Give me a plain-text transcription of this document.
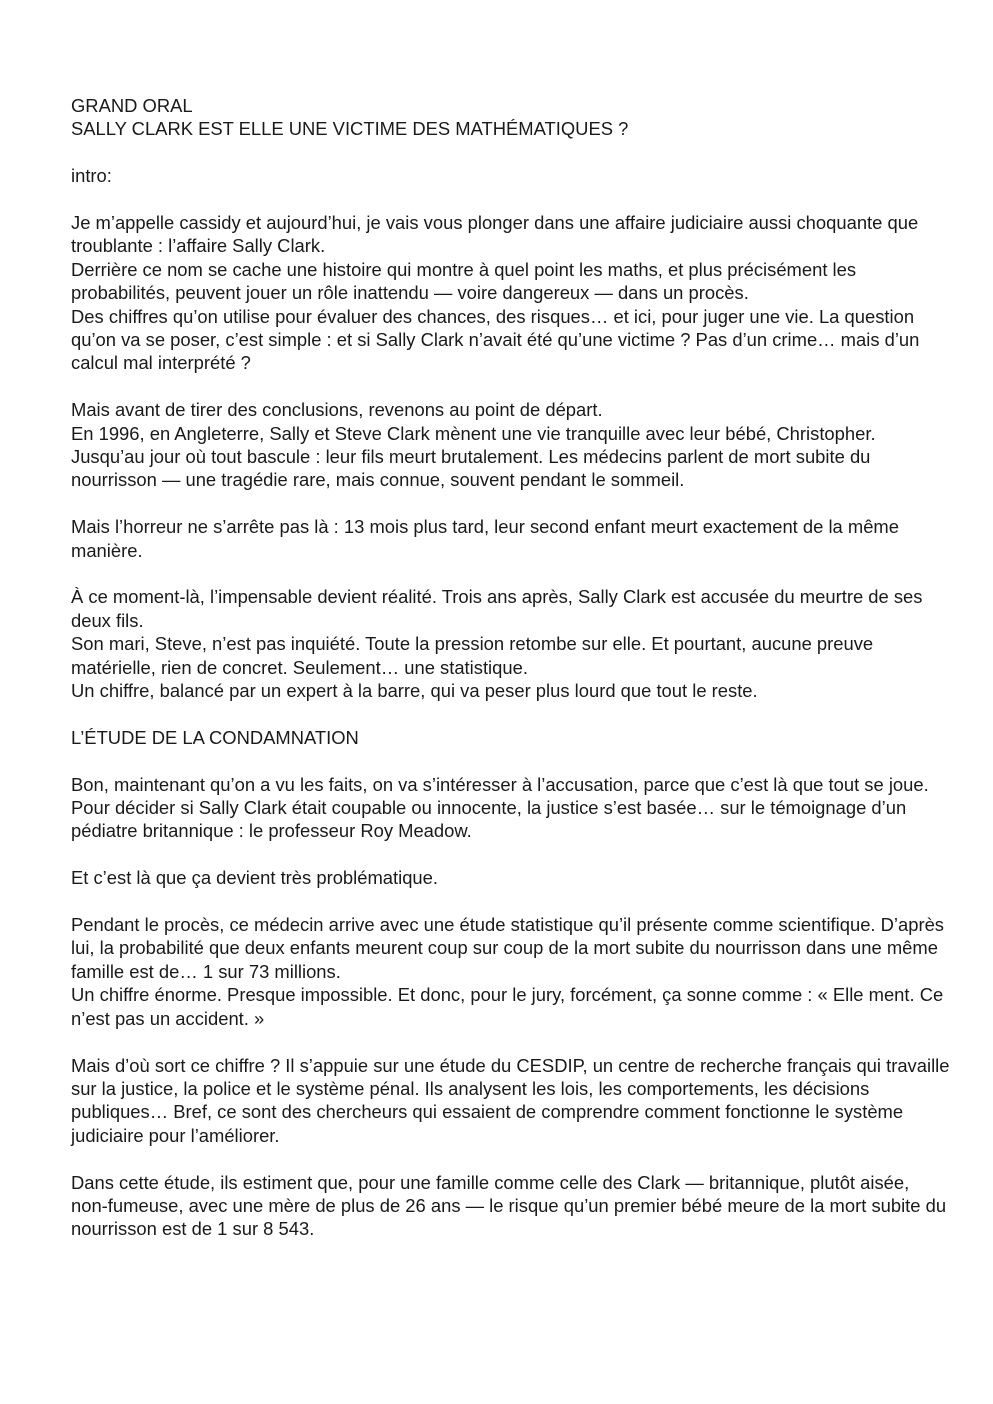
GRAND ORAL
SALLY CLARK EST ELLE UNE VICTIME DES MATHÉMATIQUES ?
intro:
Je m’appelle cassidy et aujourd’hui, je vais vous plonger dans une affaire judiciaire aussi choquante que troublante : l’affaire Sally Clark.
Derrière ce nom se cache une histoire qui montre à quel point les maths, et plus précisément les probabilités, peuvent jouer un rôle inattendu — voire dangereux — dans un procès.
Des chiffres qu’on utilise pour évaluer des chances, des risques… et ici, pour juger une vie. La question qu’on va se poser, c’est simple : et si Sally Clark n’avait été qu’une victime ? Pas d’un crime… mais d’un calcul mal interprété ?
Mais avant de tirer des conclusions, revenons au point de départ.
En 1996, en Angleterre, Sally et Steve Clark mènent une vie tranquille avec leur bébé, Christopher. Jusqu’au jour où tout bascule : leur fils meurt brutalement. Les médecins parlent de mort subite du nourrisson — une tragédie rare, mais connue, souvent pendant le sommeil.
Mais l’horreur ne s’arrête pas là : 13 mois plus tard, leur second enfant meurt exactement de la même manière.
À ce moment-là, l’impensable devient réalité. Trois ans après, Sally Clark est accusée du meurtre de ses deux fils.
Son mari, Steve, n’est pas inquiété. Toute la pression retombe sur elle. Et pourtant, aucune preuve matérielle, rien de concret. Seulement… une statistique.
Un chiffre, balancé par un expert à la barre, qui va peser plus lourd que tout le reste.
L’ÉTUDE DE LA CONDAMNATION
Bon, maintenant qu’on a vu les faits, on va s’intéresser à l’accusation, parce que c’est là que tout se joue.
Pour décider si Sally Clark était coupable ou innocente, la justice s’est basée… sur le témoignage d’un pédiatre britannique : le professeur Roy Meadow.
Et c’est là que ça devient très problématique.
Pendant le procès, ce médecin arrive avec une étude statistique qu’il présente comme scientifique. D’après lui, la probabilité que deux enfants meurent coup sur coup de la mort subite du nourrisson dans une même famille est de… 1 sur 73 millions.
Un chiffre énorme. Presque impossible. Et donc, pour le jury, forcément, ça sonne comme : « Elle ment. Ce n’est pas un accident. »
Mais d’où sort ce chiffre ? Il s’appuie sur une étude du CESDIP, un centre de recherche français qui travaille sur la justice, la police et le système pénal. Ils analysent les lois, les comportements, les décisions publiques… Bref, ce sont des chercheurs qui essaient de comprendre comment fonctionne le système judiciaire pour l’améliorer.
Dans cette étude, ils estiment que, pour une famille comme celle des Clark — britannique, plutôt aisée, non-fumeuse, avec une mère de plus de 26 ans — le risque qu’un premier bébé meure de la mort subite du nourrisson est de 1 sur 8 543.
